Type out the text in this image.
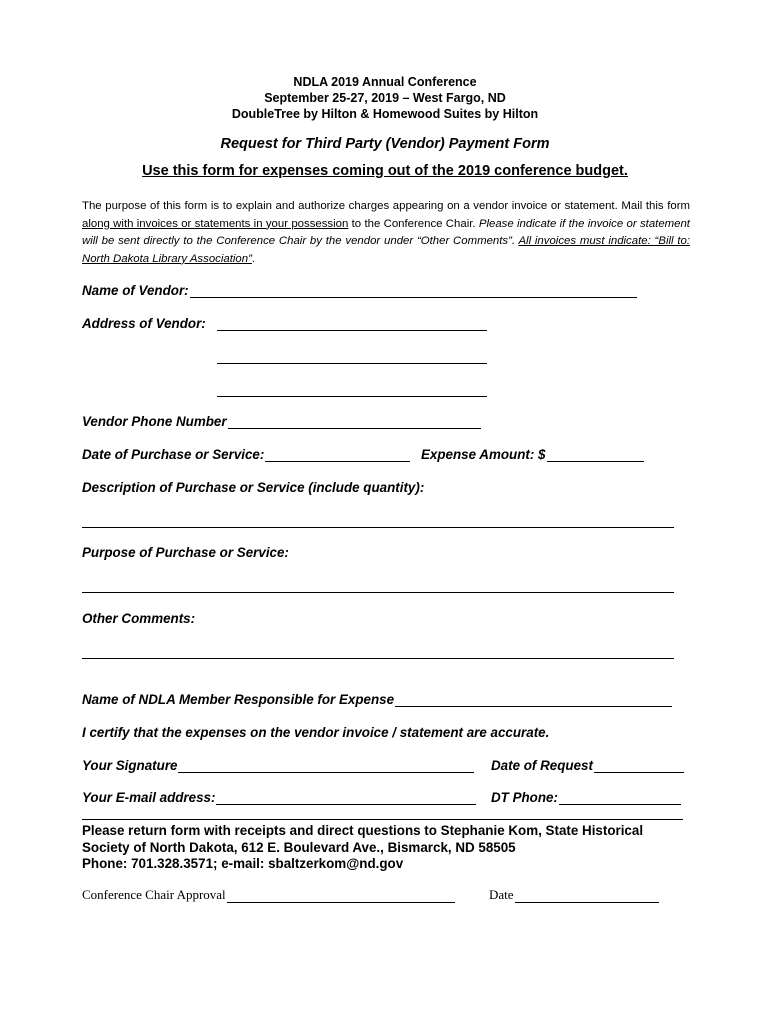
NDLA 2019 Annual Conference
September 25-27, 2019 – West Fargo, ND
DoubleTree by Hilton & Homewood Suites by Hilton
Request for Third Party (Vendor) Payment Form
Use this form for expenses coming out of the 2019 conference budget.
The purpose of this form is to explain and authorize charges appearing on a vendor invoice or statement. Mail this form along with invoices or statements in your possession to the Conference Chair. Please indicate if the invoice or statement will be sent directly to the Conference Chair by the vendor under “Other Comments”. All invoices must indicate: “Bill to: North Dakota Library Association”.
Name of Vendor:
Address of Vendor:
Vendor Phone Number
Date of Purchase or Service:	Expense Amount: $
Description of Purchase or Service (include quantity):
Purpose of Purchase or Service:
Other Comments:
Name of NDLA Member Responsible for Expense
I certify that the expenses on the vendor invoice / statement are accurate.
Your Signature	Date of Request
Your E-mail address:	DT Phone:
Please return form with receipts and direct questions to Stephanie Kom, State Historical
Society of North Dakota, 612 E. Boulevard Ave., Bismarck, ND 58505
Phone: 701.328.3571; e-mail: sbaltzerkom@nd.gov
Conference Chair Approval	Date
